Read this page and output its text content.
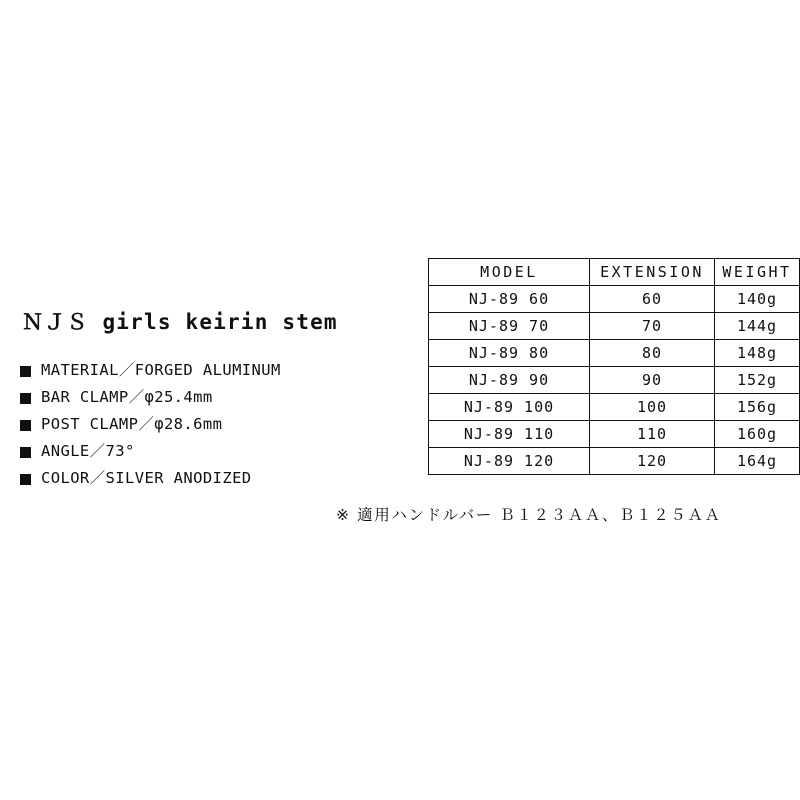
ＮＪＳ girls keirin stem
MATERIAL／FORGED ALUMINUM
BAR CLAMP／φ25.4mm
POST CLAMP／φ28.6mm
ANGLE／73°
COLOR／SILVER ANODIZED
MODEL	EXTENSION	WEIGHT
NJ-89 60	60	140g
NJ-89 70	70	144g
NJ-89 80	80	148g
NJ-89 90	90	152g
NJ-89 100	100	156g
NJ-89 110	110	160g
NJ-89 120	120	164g
※ 適用ハンドルバー Ｂ１２３ＡＡ、Ｂ１２５ＡＡ
